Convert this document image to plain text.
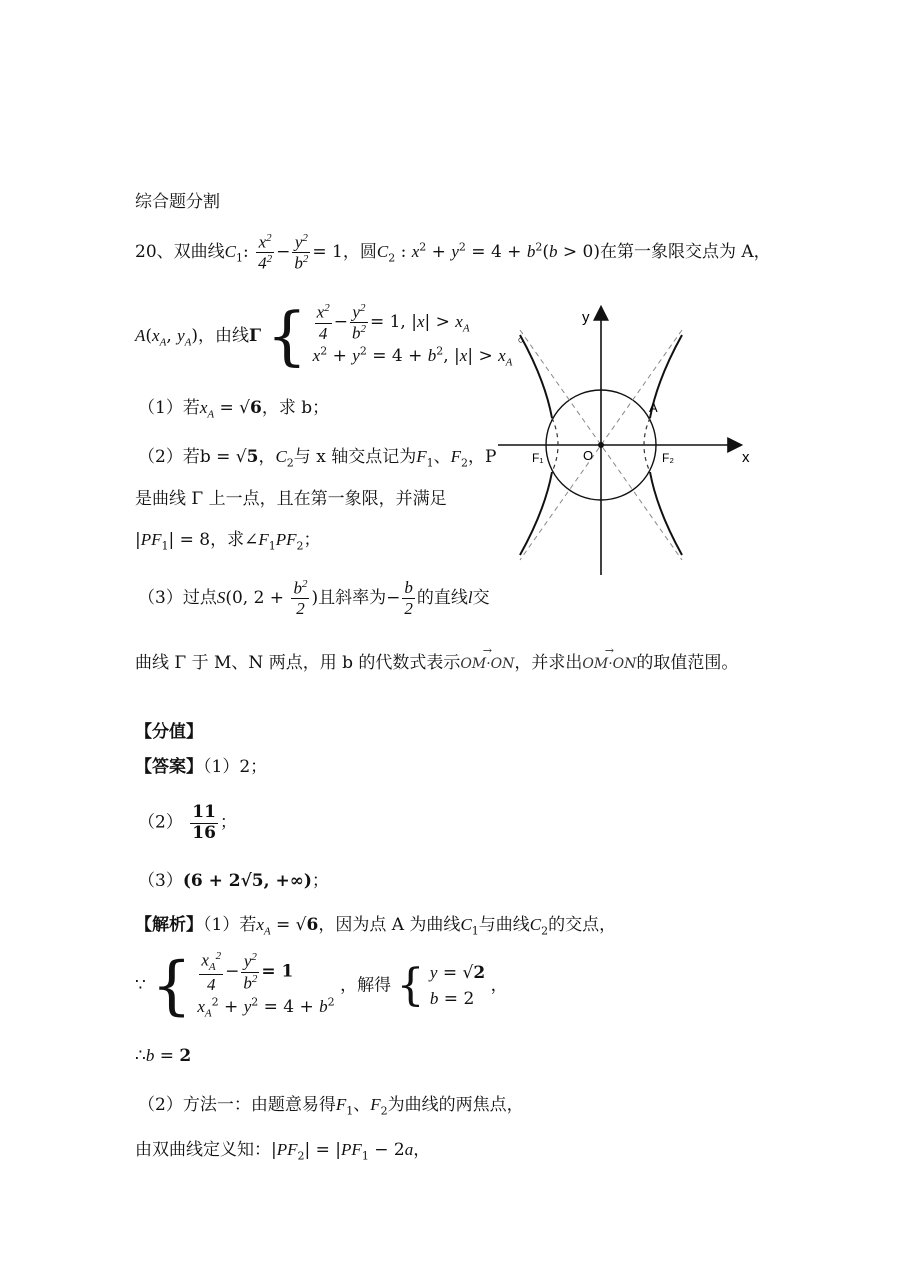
综合题分割
20、双曲线$C_1$: $\frac{x^2}{4^2} - \frac{y^2}{b^2} = 1$，圆$C_2$ : $x^2 + y^2 = 4 + b^2(b > 0)$在第一象限交点为 A，
$A(x_A$, $y_A$)，由线Γ { $\frac{x^2}{4} - \frac{y^2}{b^2} = 1$, $|x| > x_A$
$x^2 + y^2 = 4 + b^2$, $|x| > x_A$
。
（1）若$x_A = √6$，求 b；
（2）若b = √5，$C_2$与 x 轴交点记为$F_1$、$F_2$，P
是曲线 Γ 上一点，且在第一象限，并满足
$|PF_1| = 8$，求$\angle F_1PF_2$；
（3）过点S(0, $2 + \frac{b^2}{2}$ )且斜率为− $\frac{b}{2}$ 的直线l交
曲线 Γ 于 M、N 两点，用 b 的代数式表示→ OM·ON，并求出→ OM·ON的取值范围。
y
x
A
O
F₁	F₂
【分值】
【答案】（1）2；
$(2) \frac{11}{16}$ ；
（3）(6 + 2√5, +∞)；
【解析】（1）若$x_A = √6$，因为点 A 为曲线$C_1$与曲线$C_2$的交点，
∵ { $\frac{x_A^2}{4} - \frac{y^2}{b^2} = 1$
$x_A^2 + y^2 = 4 + b^2$
，解得 { y = √2
b = 2
，
∴b = 2
（2）方法一：由题意易得$F_1$、$F_2$为曲线的两焦点，
由双曲线定义知：$|PF_2| = |PF_1 - 2a$，
